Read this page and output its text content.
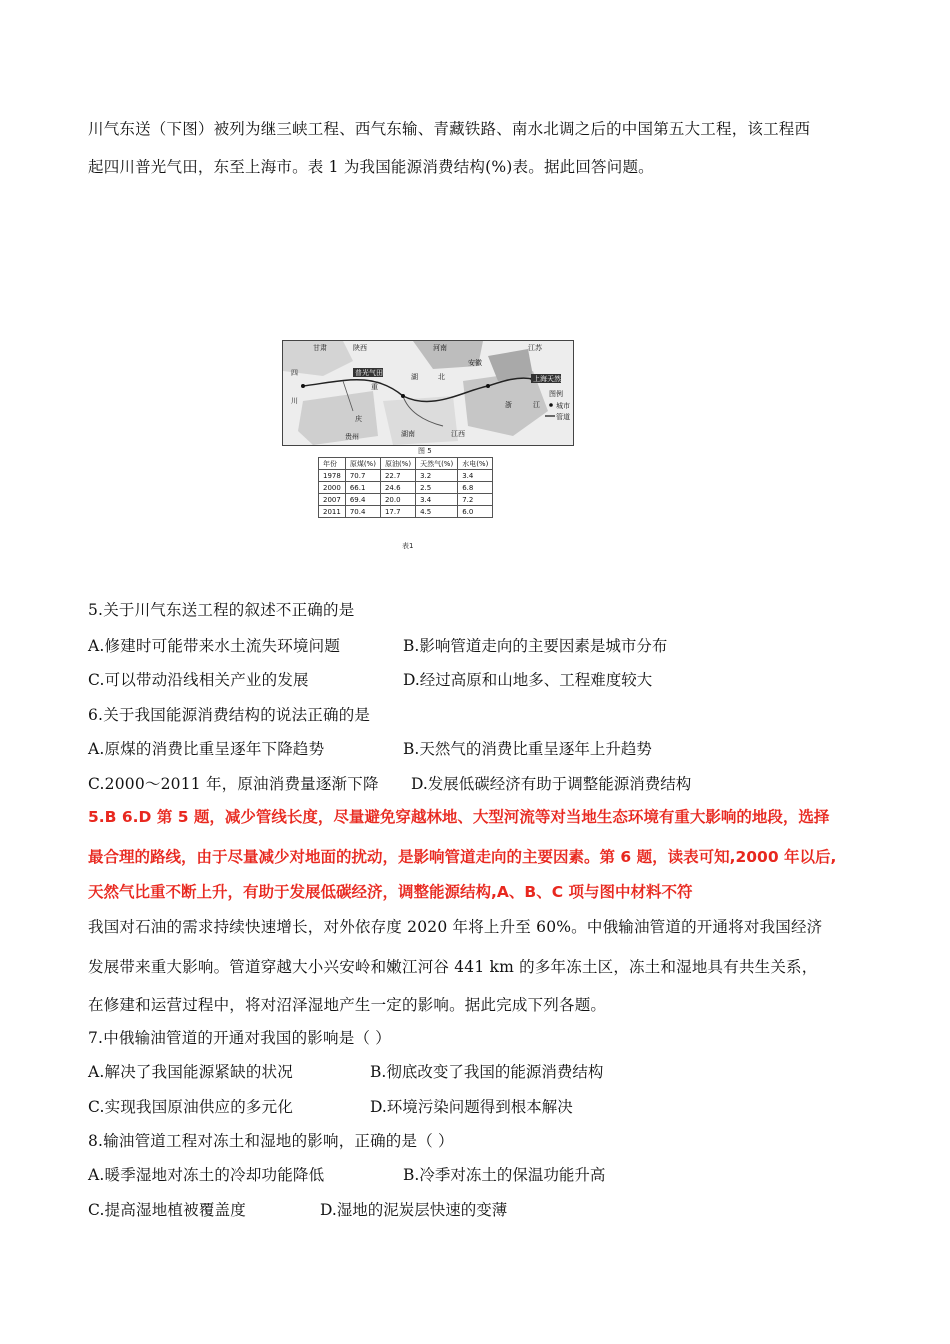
川气东送（下图）被列为继三峡工程、西气东输、青藏铁路、南水北调之后的中国第五大工程，该工程西
起四川普光气田，东至上海市。表 1 为我国能源消费结构(%)表。据此回答问题。
甘肃	陕西	河南	江苏
四
川
安徽
重
庆
湖	北
浙	江
贵州	湖南	江西
普光气田
上海天然
图例
城市
管道
图 5
年份	原煤(%)	原油(%)	天然气(%)	水电(%)
1978	70.7	22.7	3.2	3.4
2000	66.1	24.6	2.5	6.8
2007	69.4	20.0	3.4	7.2
2011	70.4	17.7	4.5	6.0
表1
5.关于川气东送工程的叙述不正确的是
A.修建时可能带来水土流失环境问题	B.影响管道走向的主要因素是城市分布
C.可以带动沿线相关产业的发展	D.经过高原和山地多、工程难度较大
6.关于我国能源消费结构的说法正确的是
A.原煤的消费比重呈逐年下降趋势	B.天然气的消费比重呈逐年上升趋势
C.2000～2011 年，原油消费量逐渐下降 D.发展低碳经济有助于调整能源消费结构
5.B 6.D 第 5 题，减少管线长度，尽量避免穿越林地、大型河流等对当地生态环境有重大影响的地段，选择
最合理的路线，由于尽量减少对地面的扰动，是影响管道走向的主要因素。第 6 题，读表可知,2000 年以后,
天然气比重不断上升，有助于发展低碳经济，调整能源结构,A、B、C 项与图中材料不符
我国对石油的需求持续快速增长，对外依存度 2020 年将上升至 60%。中俄输油管道的开通将对我国经济
发展带来重大影响。管道穿越大小兴安岭和嫩江河谷 441 km 的多年冻土区，冻土和湿地具有共生关系，
在修建和运营过程中，将对沼泽湿地产生一定的影响。据此完成下列各题。
7.中俄输油管道的开通对我国的影响是（ ）
A.解决了我国能源紧缺的状况	B.彻底改变了我国的能源消费结构
C.实现我国原油供应的多元化	D.环境污染问题得到根本解决
8.输油管道工程对冻土和湿地的影响，正确的是（ ）
A.暖季湿地对冻土的冷却功能降低	B.冷季对冻土的保温功能升高
C.提高湿地植被覆盖度	D.湿地的泥炭层快速的变薄
